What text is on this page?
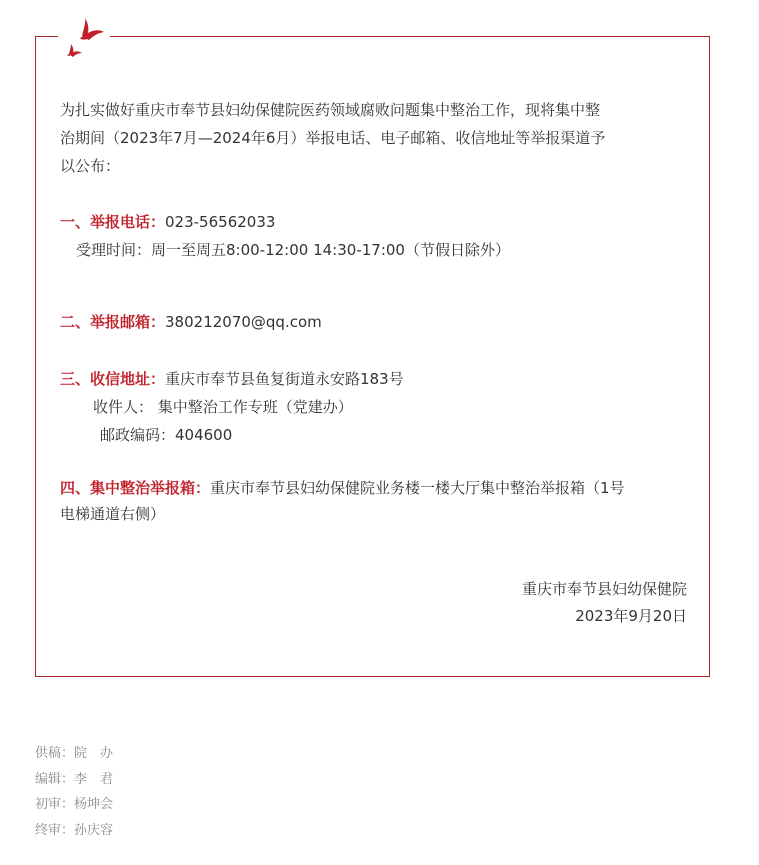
为扎实做好重庆市奉节县妇幼保健院医药领域腐败问题集中整治工作，现将集中整
治期间（2023年7月—2024年6月）举报电话、电子邮箱、收信地址等举报渠道予
以公布：
一、举报电话：023-56562033
受理时间：周一至周五8:00-12:00 14:30-17:00（节假日除外）
二、举报邮箱：380212070@qq.com
三、收信地址：重庆市奉节县鱼复街道永安路183号
收件人： 集中整治工作专班（党建办）
邮政编码：404600
四、集中整治举报箱：重庆市奉节县妇幼保健院业务楼一楼大厅集中整治举报箱（1号
电梯通道右侧）
重庆市奉节县妇幼保健院
2023年9月20日
供稿：院　办
编辑：李　君
初审：杨坤会
终审：孙庆容
